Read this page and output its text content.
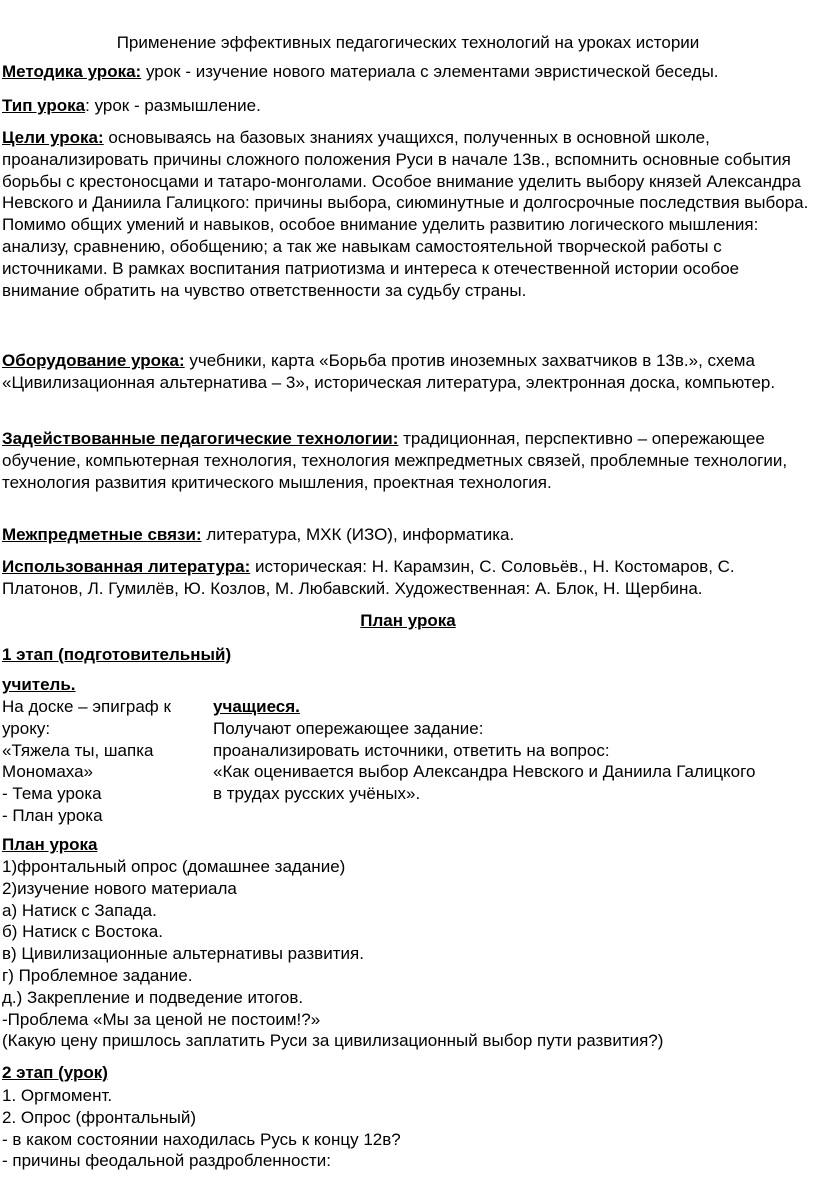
Применение эффективных педагогических технологий на уроках истории
Методика урока: урок - изучение нового материала с элементами эвристической беседы.
Тип урока: урок - размышление.
Цели урока: основываясь на базовых знаниях учащихся, полученных в основной школе, проанализировать причины сложного положения Руси в начале 13в., вспомнить основные события борьбы с крестоносцами и татаро-монголами. Особое внимание уделить выбору князей Александра Невского и Даниила Галицкого: причины выбора, сиюминутные и долгосрочные последствия выбора.
Помимо общих умений и навыков, особое внимание уделить развитию логического мышления: анализу, сравнению, обобщению; а так же навыкам самостоятельной творческой работы с источниками. В рамках воспитания патриотизма и интереса к отечественной истории особое внимание обратить на чувство ответственности за судьбу страны.
Оборудование урока: учебники, карта «Борьба против иноземных захватчиков в 13в.», схема «Цивилизационная альтернатива – 3», историческая литература, электронная доска, компьютер.
Задействованные педагогические технологии: традиционная, перспективно – опережающее обучение, компьютерная технология, технология межпредметных связей, проблемные технологии, технология развития критического мышления, проектная технология.
Межпредметные связи: литература, МХК (ИЗО), информатика.
Использованная литература: историческая: Н. Карамзин, С. Соловьёв., Н. Костомаров, С. Платонов, Л. Гумилёв, Ю. Козлов, М. Любавский. Художественная: А. Блок, Н. Щербина.
План урока
1 этап (подготовительный)
учитель.
На доске – эпиграф к
уроку:
«Тяжела ты, шапка
Мономаха»
- Тема урока
- План урока
учащиеся.
Получают опережающее задание:
проанализировать источники, ответить на вопрос:
«Как оценивается выбор Александра Невского и Даниила Галицкого
в трудах русских учёных».
План урока
1)фронтальный опрос (домашнее задание)
2)изучение нового материала
а) Натиск с Запада.
б) Натиск с Востока.
в) Цивилизационные альтернативы развития.
г) Проблемное задание.
д.) Закрепление и подведение итогов.
-Проблема «Мы за ценой не постоим!?»
(Какую цену пришлось заплатить Руси за цивилизационный выбор пути развития?)
2 этап (урок)
1. Оргмомент.
2. Опрос (фронтальный)
- в каком состоянии находилась Русь к концу 12в?
- причины феодальной раздробленности:
